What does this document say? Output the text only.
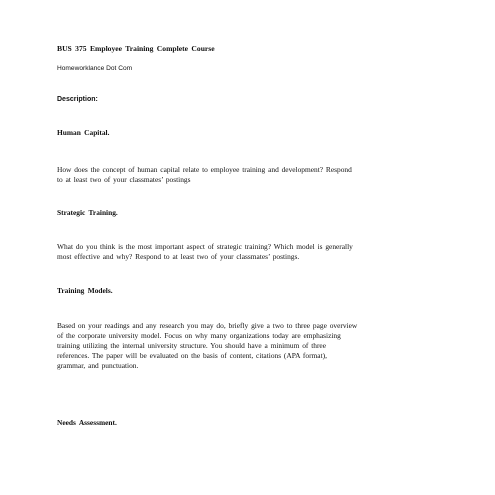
BUS 375 Employee Training Complete Course
Homeworklance Dot Com
Description:
Human Capital.
How does the concept of human capital relate to employee training and development? Respond
to at least two of your classmates’ postings
Strategic Training.
What do you think is the most important aspect of strategic training? Which model is generally
most effective and why? Respond to at least two of your classmates’ postings.
Training Models.
Based on your readings and any research you may do, briefly give a two to three page overview
of the corporate university model. Focus on why many organizations today are emphasizing
training utilizing the internal university structure. You should have a minimum of three
references. The paper will be evaluated on the basis of content, citations (APA format),
grammar, and punctuation.
Needs Assessment.
